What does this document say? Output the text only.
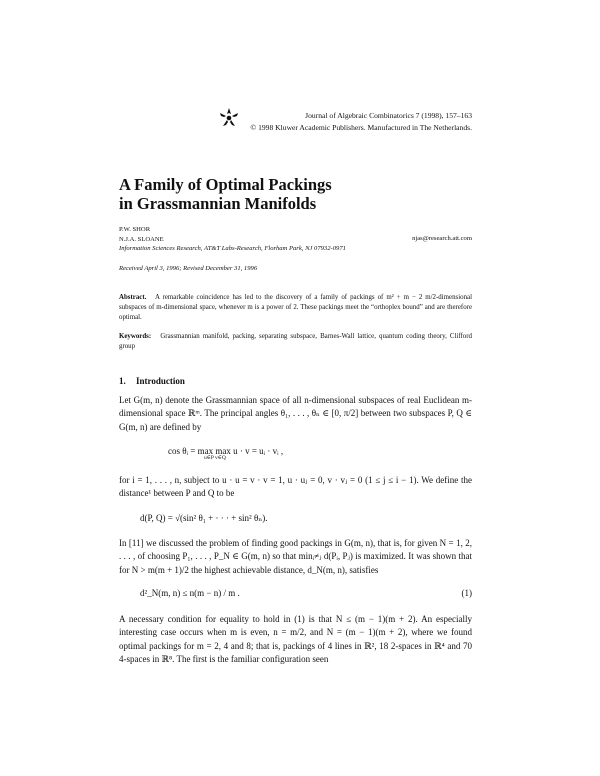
Journal of Algebraic Combinatorics 7 (1998), 157–163
© 1998 Kluwer Academic Publishers. Manufactured in The Netherlands.
A Family of Optimal Packings
in Grassmannian Manifolds
P.W. SHOR
N.J.A. SLOANE	njas@research.att.com
Information Sciences Research, AT&T Labs-Research, Florham Park, NJ 07932-0971
Received April 3, 1996; Revised December 31, 1996
Abstract. A remarkable coincidence has led to the discovery of a family of packings of m² + m − 2 m/2-dimensional subspaces of m-dimensional space, whenever m is a power of 2. These packings meet the “orthoplex bound” and are therefore optimal.
Keywords: Grassmannian manifold, packing, separating subspace, Barnes-Wall lattice, quantum coding theory, Clifford group
1. Introduction
Let G(m, n) denote the Grassmannian space of all n-dimensional subspaces of real Euclidean m-dimensional space ℝᵐ. The principal angles θ₁, . . . , θₙ ∈ [0, π/2] between two subspaces P, Q ∈ G(m, n) are defined by
cos θᵢ = max max u · v = uᵢ · vᵢ ,
u∈P v∈Q
for i = 1, . . . , n, subject to u · u = v · v = 1, u · uⱼ = 0, v · vⱼ = 0 (1 ≤ j ≤ i − 1). We define the distance¹ between P and Q to be
d(P, Q) = √(sin² θ₁ + · · · + sin² θₙ).
In [11] we discussed the problem of finding good packings in G(m, n), that is, for given N = 1, 2, . . . , of choosing P₁, . . . , P_N ∈ G(m, n) so that minᵢ≠ⱼ d(Pᵢ, Pⱼ) is maximized. It was shown that for N > m(m + 1)/2 the highest achievable distance, d_N(m, n), satisfies
d²_N(m, n) ≤ n(m − n) / m .	(1)
A necessary condition for equality to hold in (1) is that N ≤ (m − 1)(m + 2). An especially interesting case occurs when m is even, n = m/2, and N = (m − 1)(m + 2), where we found optimal packings for m = 2, 4 and 8; that is, packings of 4 lines in ℝ², 18 2-spaces in ℝ⁴ and 70 4-spaces in ℝ⁸. The first is the familiar configuration seen
